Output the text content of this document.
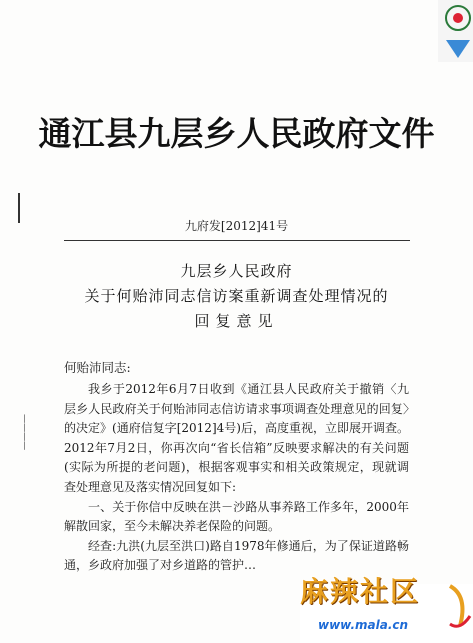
丨丨丨丨
通江县九层乡人民政府文件
九府发[2012]41号
九层乡人民政府
关于何贻沛同志信访案重新调查处理情况的
回复意见
何贻沛同志:

我乡于2012年6月7日收到《通江县人民政府关于撤销〈九层乡人民政府关于何贻沛同志信访请求事项调查处理意见的回复〉的决定》(通府信复字[2012]4号)后，高度重视，立即展开调查。2012年7月2日，你再次向“省长信箱”反映要求解决的有关问题(实际为所提的老问题)，根据客观事实和相关政策规定，现就调查处理意见及落实情况回复如下:

一、关于你信中反映在洪－沙路从事养路工作多年，2000年解散回家，至今未解决养老保险的问题。

经查:九洪(九层至洪口)路自1978年修通后，为了保证道路畅通，乡政府加强了对乡道路的管护…

麻辣社区
www.mala.cn
